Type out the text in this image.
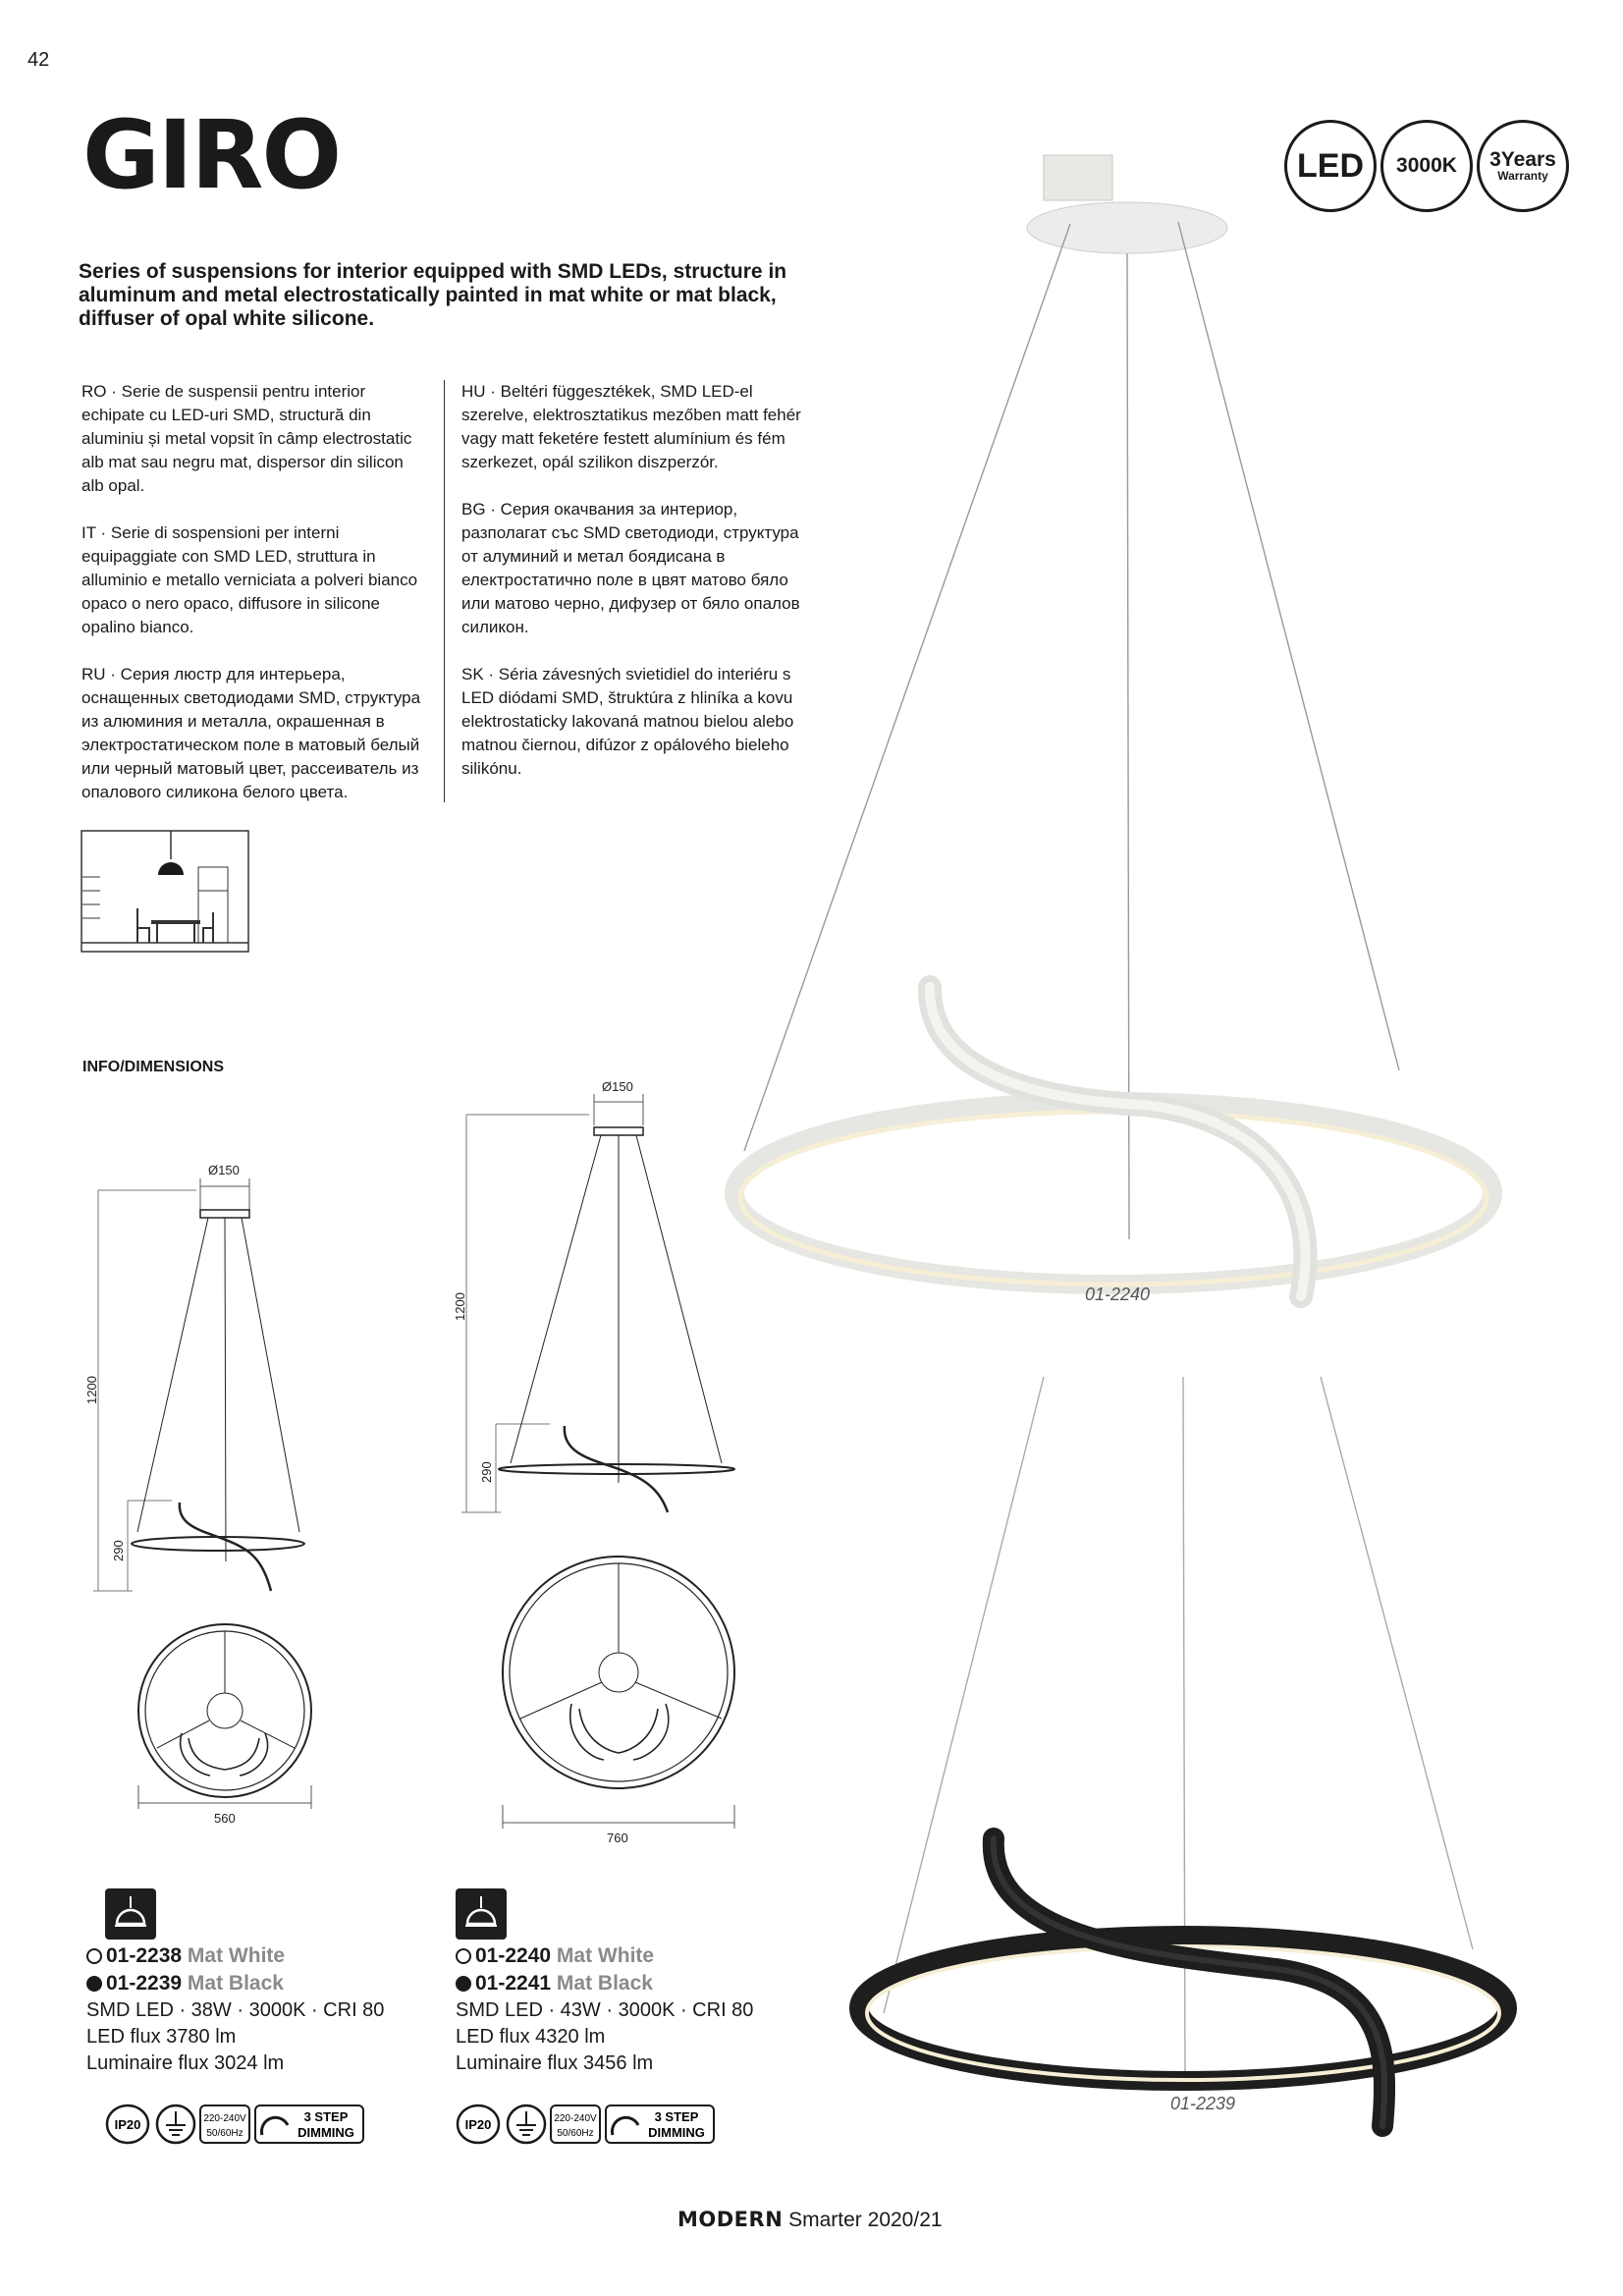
42
GIRO
Series of suspensions for interior equipped with SMD LEDs, structure in aluminum and metal electrostatically painted in mat white or mat black, diffuser of opal white silicone.

RO · Serie de suspensii pentru interior echipate cu LED-uri SMD, structură din aluminiu și metal vopsit în câmp electrostatic alb mat sau negru mat, dispersor din silicon alb opal.

IT · Serie di sospensioni per interni equipaggiate con SMD LED, struttura in alluminio e metallo verniciata a polveri bianco opaco o nero opaco, diffusore in silicone opalino bianco.

RU · Серия люстр для интерьера, оснащенных светодиодами SMD, структура из алюминия и металла, окрашенная в электростатическом поле в матовый белый или черный матовый цвет, рассеиватель из опалового силикона белого цвета.

HU · Beltéri függesztékek, SMD LED-el szerelve, elektrosztatikus mezőben matt fehér vagy matt feketére festett alumínium és fém szerkezet, opál szilikon diszperzór.

BG · Серия окачвания за интериор, разполагат със SMD светодиоди, структура от алуминий и метал боядисана в електростатично поле в цвят матово бяло или матово черно, дифузер от бяло опалов силикон.

SK · Séria závesných svietidiel do interiéru s LED diódami SMD, štruktúra z hliníka a kovu elektrostaticky lakovaná matnou bielou alebo matnou čiernou, difúzor z opálového bieleho silikónu.

LED	3000K	3Years
Warranty
01-2240
01-2239
INFO/DIMENSIONS
Ø150
1200
290
560
Ø150
1200
290
760
01-2238 Mat White
01-2239 Mat Black
SMD LED · 38W · 3000K · CRI 80
LED flux 3780 lm
Luminaire flux 3024 lm
IP20	220-240V
50/60Hz
3 STEP
DIMMING
01-2240 Mat White
01-2241 Mat Black
SMD LED · 43W · 3000K · CRI 80
LED flux 4320 lm
Luminaire flux 3456 lm
IP20	220-240V
50/60Hz
3 STEP
DIMMING
MODERN Smarter 2020/21
